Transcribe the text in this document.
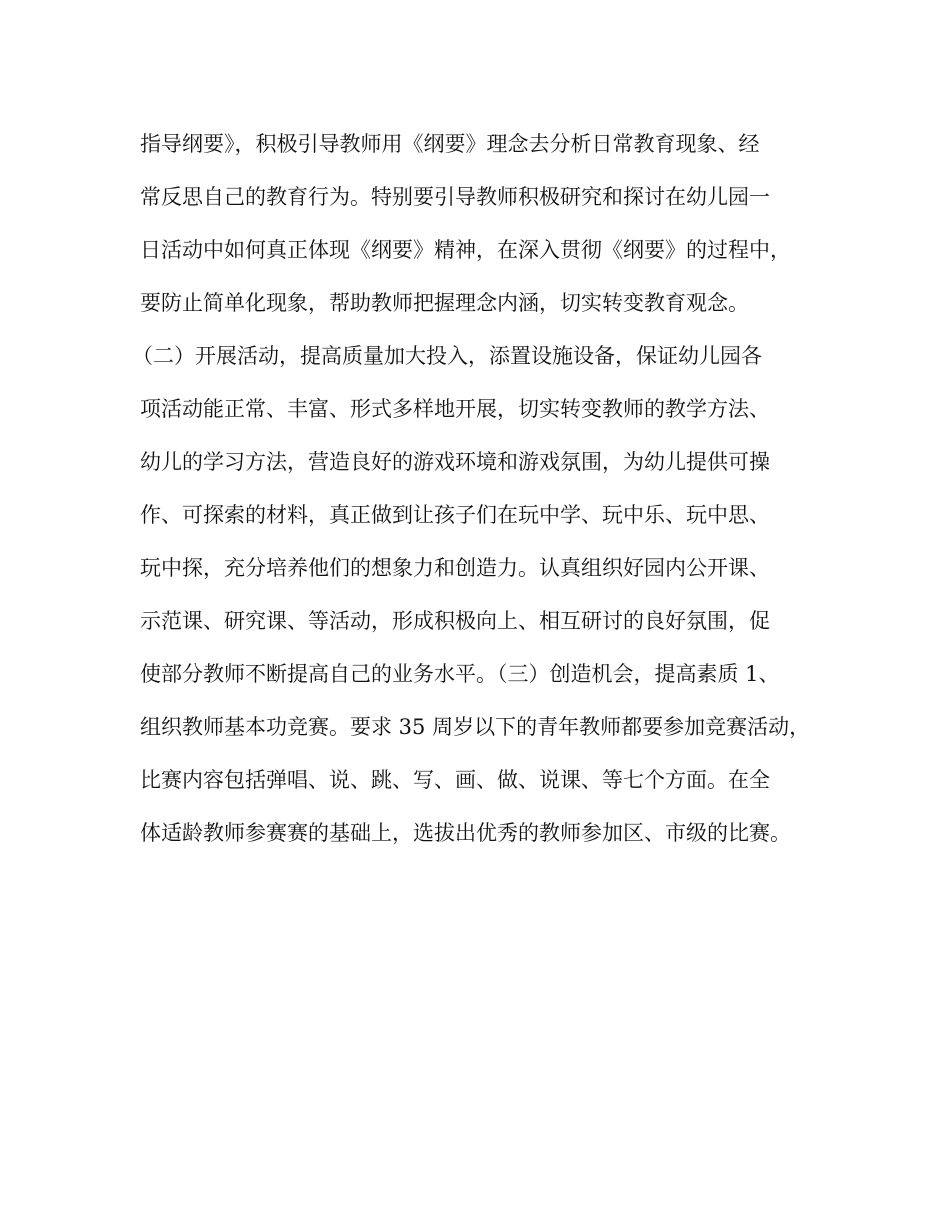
指导纲要》，积极引导教师用《纲要》理念去分析日常教育现象、经
常反思自己的教育行为。特别要引导教师积极研究和探讨在幼儿园一
日活动中如何真正体现《纲要》精神，在深入贯彻《纲要》的过程中，
要防止简单化现象，帮助教师把握理念内涵，切实转变教育观念。
（二）开展活动，提高质量加大投入，添置设施设备，保证幼儿园各
项活动能正常、丰富、形式多样地开展，切实转变教师的教学方法、
幼儿的学习方法，营造良好的游戏环境和游戏氛围，为幼儿提供可操
作、可探索的材料，真正做到让孩子们在玩中学、玩中乐、玩中思、
玩中探，充分培养他们的想象力和创造力。认真组织好园内公开课、
示范课、研究课、等活动，形成积极向上、相互研讨的良好氛围，促
使部分教师不断提高自己的业务水平。（三）创造机会，提高素质 1、
组织教师基本功竞赛。要求 35 周岁以下的青年教师都要参加竞赛活动，
比赛内容包括弹唱、说、跳、写、画、做、说课、等七个方面。在全
体适龄教师参赛赛的基础上，选拔出优秀的教师参加区、市级的比赛。
